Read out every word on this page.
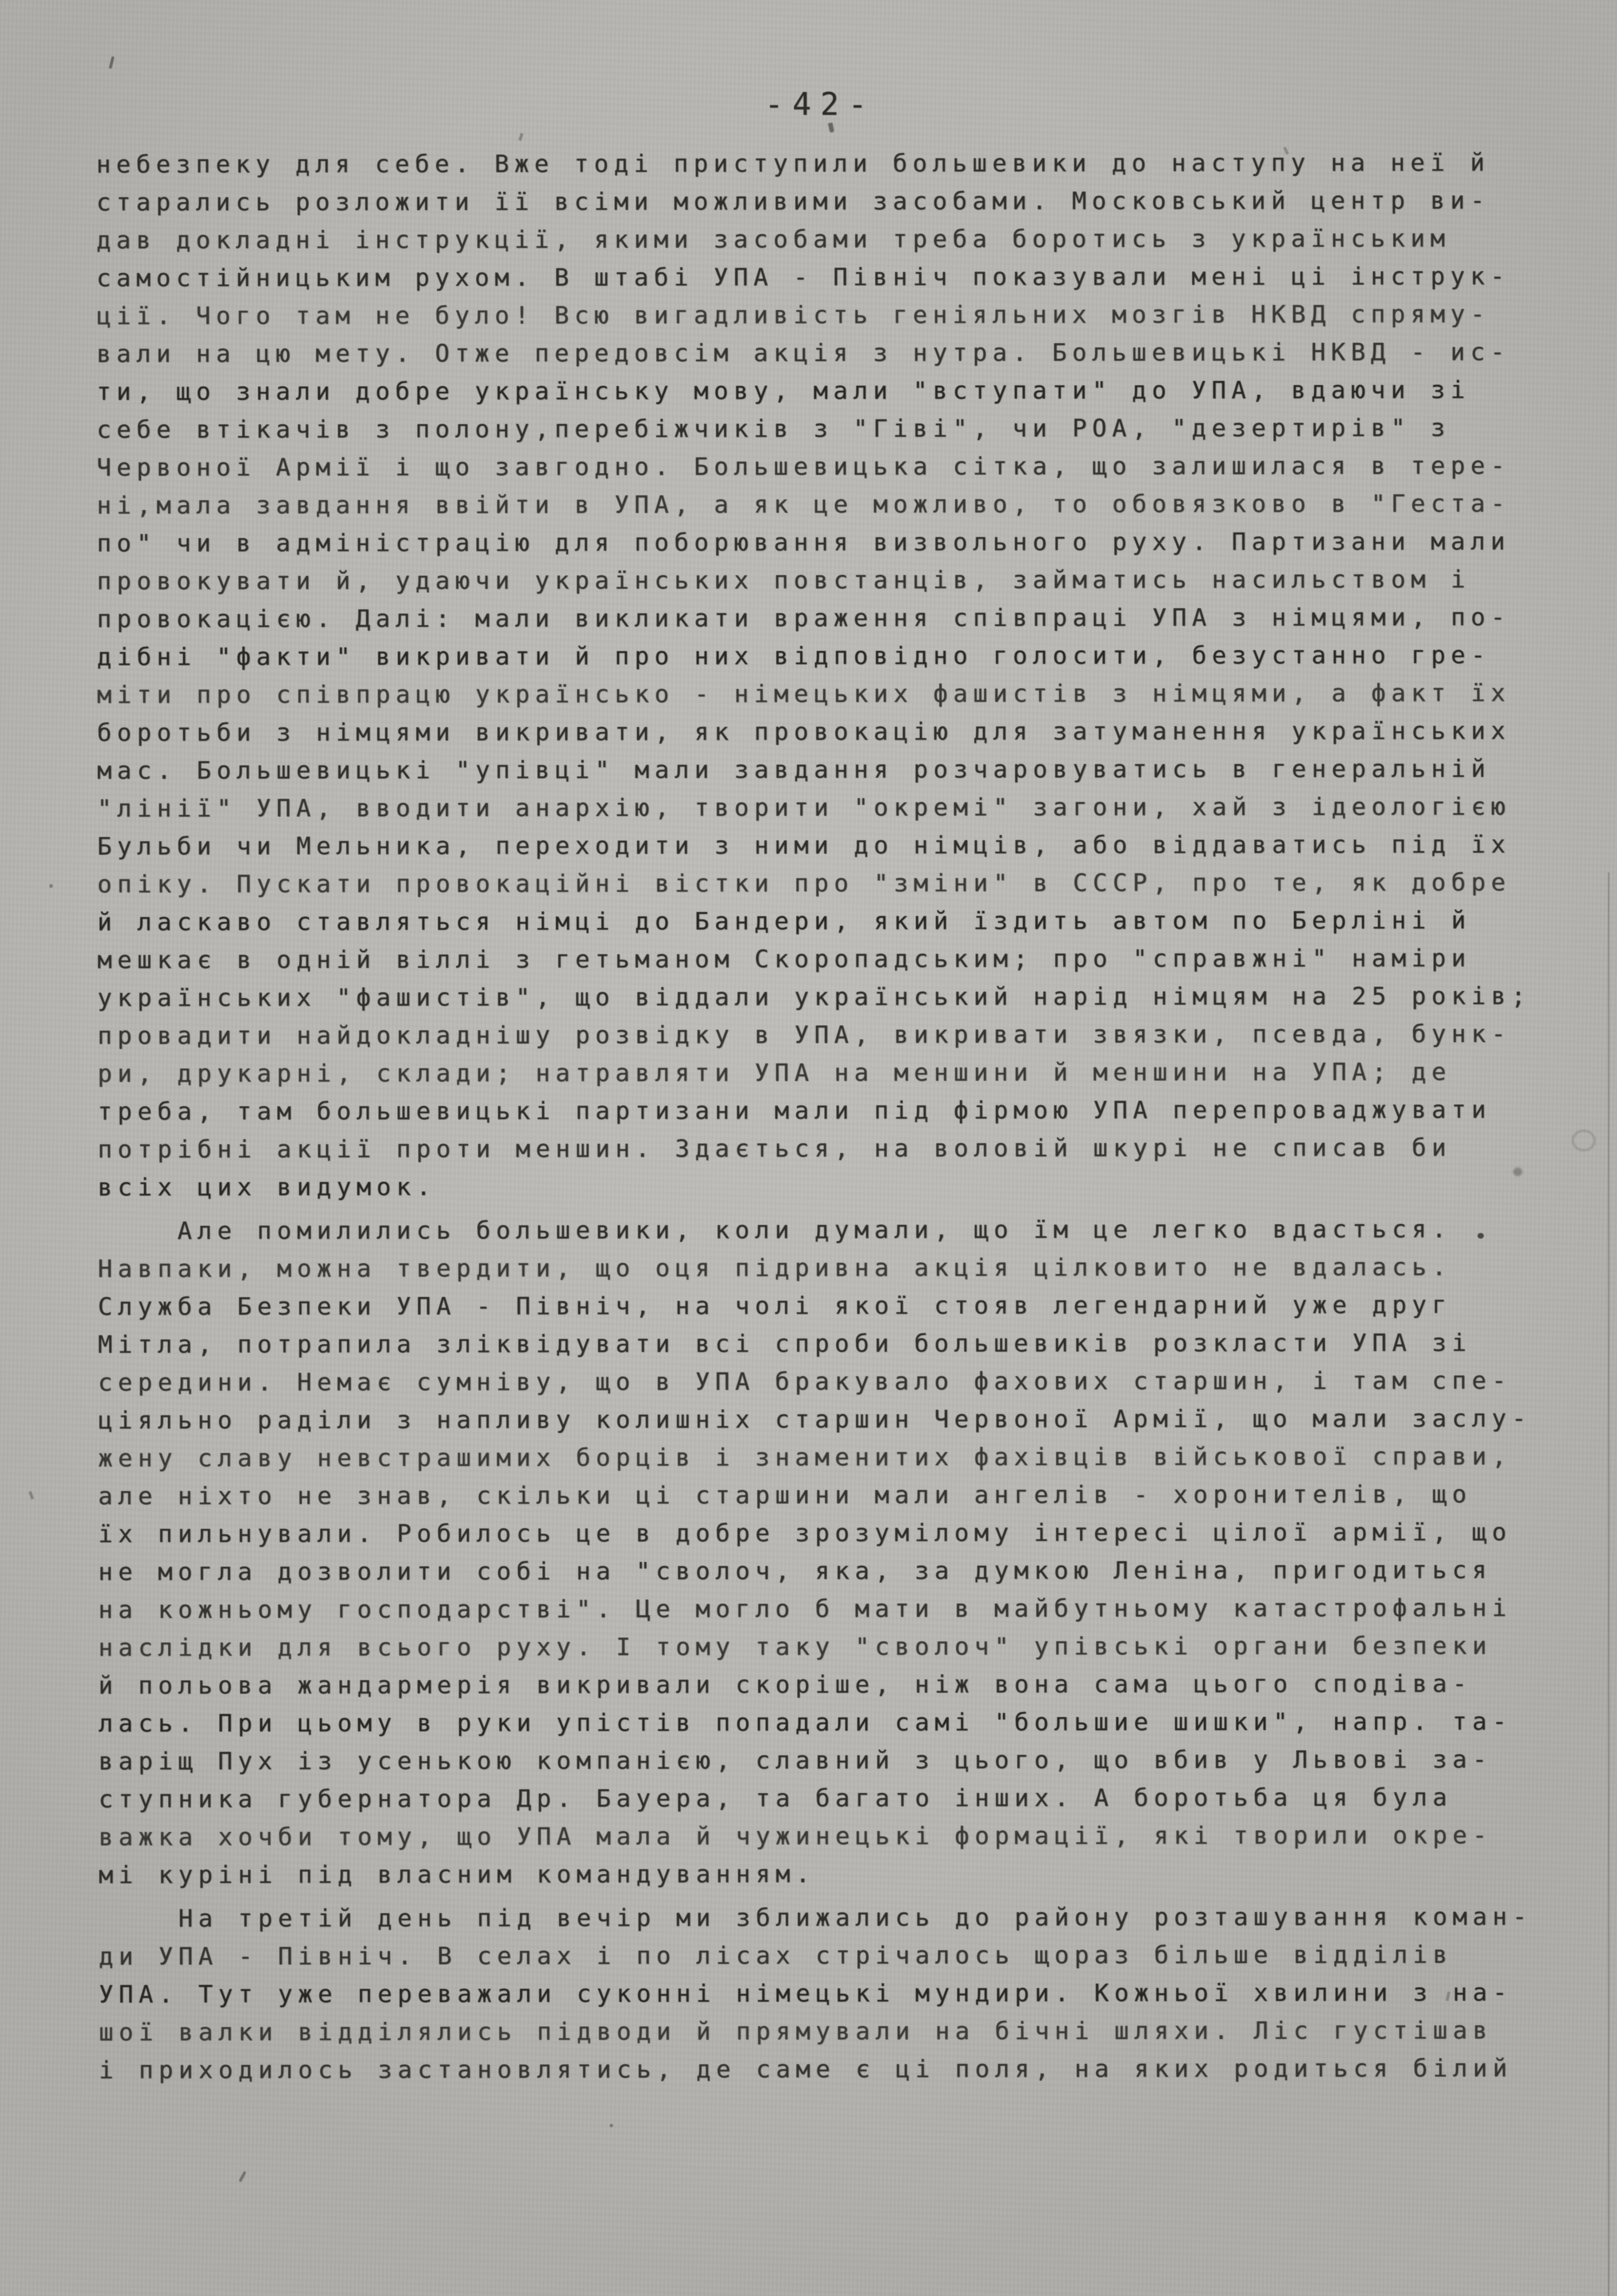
-42-
небезпеку для себе. Вже тоді приступили большевики до наступу на неї й
старались розложити її всіми можливими засобами. Московський центр ви-
дав докладні інструкції, якими засобами треба боротись з українським
самостійницьким рухом. В штабі УПА - Північ показували мені ці інструк-
ції. Чого там не було! Всю вигадливість геніяльних мозгів НКВД спряму-
вали на цю мету. Отже передовсім акція з нутра. Большевицькі НКВД - ис-
ти, що знали добре українську мову, мали "вступати" до УПА, вдаючи зі
себе втікачів з полону,перебіжчиків з "Гіві", чи РОА, "дезертирів" з
Червоної Армії і що завгодно. Большевицька сітка, що залишилася в тере-
ні,мала завдання ввійти в УПА, а як це можливо, то обовязково в "Геста-
по" чи в адміністрацію для поборювання визвольного руху. Партизани мали
провокувати й, удаючи українських повстанців, займатись насильством і
провокацією. Далі: мали викликати враження співпраці УПА з німцями, по-
дібні "факти" викривати й про них відповідно голосити, безустанно гре-
міти про співпрацю українсько - німецьких фашистів з німцями, а факт їх
боротьби з німцями викривати, як провокацію для затуманення українських
мас. Большевицькі "упівці" мали завдання розчаровуватись в генеральній
"лінії" УПА, вводити анархію, творити "окремі" загони, хай з ідеологією
Бульби чи Мельника, переходити з ними до німців, або віддаватись під їх
опіку. Пускати провокаційні вістки про "зміни" в СССР, про те, як добре
й ласкаво ставляться німці до Бандери, який їздить автом по Берліні й
мешкає в одній віллі з гетьманом Скоропадським; про "справжні" наміри
українських "фашистів", що віддали український нарід німцям на 25 років;
провадити найдокладнішу розвідку в УПА, викривати звязки, псевда, бунк-
ри, друкарні, склади; натравляти УПА на меншини й меншини на УПА; де
треба, там большевицькі партизани мали під фірмою УПА перепроваджувати
потрібні акції проти меншин. Здається, на воловій шкурі не списав би
всіх цих видумок.
Але помилились большевики, коли думали, що їм це легко вдасться.
Навпаки, можна твердити, що оця підривна акція цілковито не вдалась.
Служба Безпеки УПА - Північ, на чолі якої стояв легендарний уже друг
Мітла, потрапила зліквідувати всі спроби большевиків розкласти УПА зі
середини. Немає сумніву, що в УПА бракувало фахових старшин, і там спе-
ціяльно раділи з напливу колишніх старшин Червоної Армії, що мали заслу-
жену славу невстрашимих борців і знаменитих фахівців військової справи,
але ніхто не знав, скільки ці старшини мали ангелів - хоронителів, що
їх пильнували. Робилось це в добре зрозумілому інтересі цілої армії, що
не могла дозволити собі на "сволоч, яка, за думкою Леніна, пригодиться
на кожньому господарстві". Це могло б мати в майбутньому катастрофальні
наслідки для всього руху. І тому таку "сволоч" упівські органи безпеки
й польова жандармерія викривали скоріше, ніж вона сама цього сподіва-
лась. При цьому в руки упістів попадали самі "большие шишки", напр. та-
варіщ Пух із усенькою компанією, славний з цього, що вбив у Львові за-
ступника губернатора Др. Бауера, та багато інших. А боротьба ця була
важка хочби тому, що УПА мала й чужинецькі формації, які творили окре-
мі куріні під власним командуванням.
На третій день під вечір ми зближались до району розташування коман-
ди УПА - Північ. В селах і по лісах стрічалось щораз більше відділів
УПА. Тут уже переважали суконні німецькі мундири. Кожньої хвилини з на-
шої валки відділялись підводи й прямували на бічні шляхи. Ліс густішав
і приходилось застановлятись, де саме є ці поля, на яких родиться білий
